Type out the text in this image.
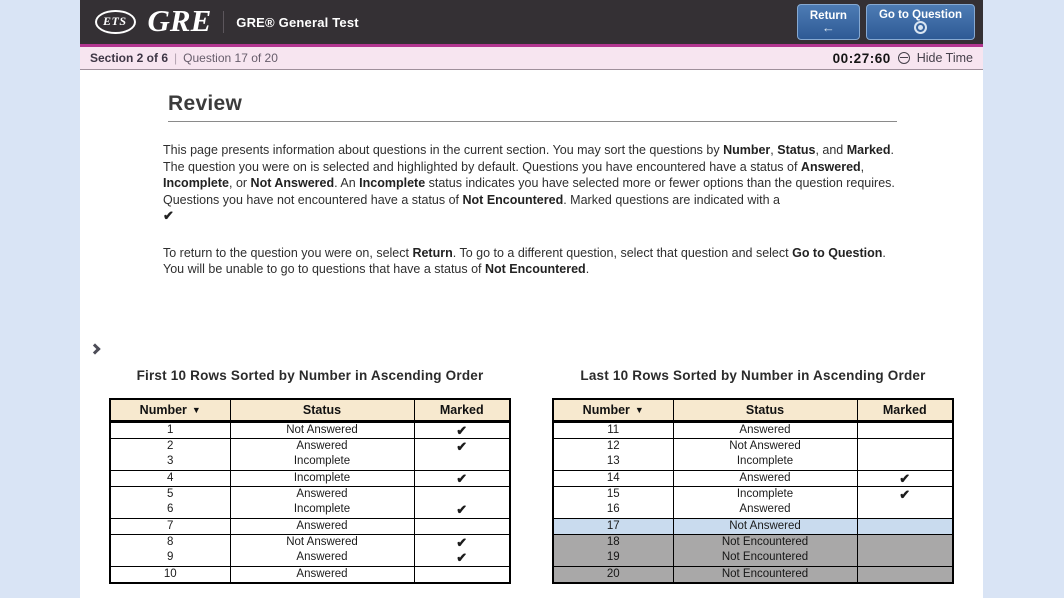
ETS GRE GRE® General Test	Return
←
Go to Question
Section 2 of 6 | Question 17 of 20	00:27:60 Hide Time
Review

This page presents information about questions in the current section. You may sort the questions by Number, Status, and Marked. The question you were on is selected and highlighted by default. Questions you have encountered have a status of Answered, Incomplete, or Not Answered. An Incomplete status indicates you have selected more or fewer options than the question requires. Questions you have not encountered have a status of Not Encountered. Marked questions are indicated with a
✔

To return to the question you were on, select Return. To go to a different question, select that question and select Go to Question. You will be unable to go to questions that have a status of Not Encountered.

First 10 Rows Sorted by Number in Ascending Order
Number ▼	Status	Marked
1	Not Answered	✔
2	Answered	✔
3	Incomplete	
4	Incomplete	✔
5	Answered	
6	Incomplete	✔
7	Answered	
8	Not Answered	✔
9	Answered	✔
10	Answered	
Last 10 Rows Sorted by Number in Ascending Order
Number ▼	Status	Marked
11	Answered	
12	Not Answered	
13	Incomplete	
14	Answered	✔
15	Incomplete	✔
16	Answered	
17	Not Answered	
18	Not Encountered	
19	Not Encountered	
20	Not Encountered	
